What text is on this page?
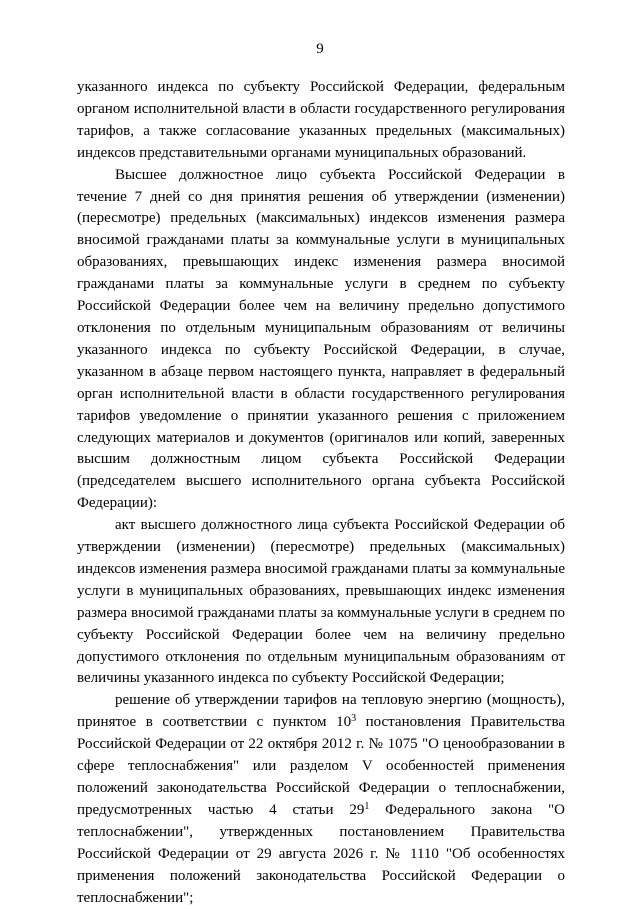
9

указанного индекса по субъекту Российской Федерации, федеральным органом исполнительной власти в области государственного регулирования тарифов, а также согласование указанных предельных (максимальных) индексов представительными органами муниципальных образований.

Высшее должностное лицо субъекта Российской Федерации в течение 7 дней со дня принятия решения об утверждении (изменении) (пересмотре) предельных (максимальных) индексов изменения размера вносимой гражданами платы за коммунальные услуги в муниципальных образованиях, превышающих индекс изменения размера вносимой гражданами платы за коммунальные услуги в среднем по субъекту Российской Федерации более чем на величину предельно допустимого отклонения по отдельным муниципальным образованиям от величины указанного индекса по субъекту Российской Федерации, в случае, указанном в абзаце первом настоящего пункта, направляет в федеральный орган исполнительной власти в области государственного регулирования тарифов уведомление о принятии указанного решения с приложением следующих материалов и документов (оригиналов или копий, заверенных высшим должностным лицом субъекта Российской Федерации (председателем высшего исполнительного органа субъекта Российской Федерации):

акт высшего должностного лица субъекта Российской Федерации об утверждении (изменении) (пересмотре) предельных (максимальных) индексов изменения размера вносимой гражданами платы за коммунальные услуги в муниципальных образованиях, превышающих индекс изменения размера вносимой гражданами платы за коммунальные услуги в среднем по субъекту Российской Федерации более чем на величину предельно допустимого отклонения по отдельным муниципальным образованиям от величины указанного индекса по субъекту Российской Федерации;

решение об утверждении тарифов на тепловую энергию (мощность), принятое в соответствии с пунктом $10^3$ постановления Правительства Российской Федерации от 22 октября 2012 г. № 1075 "О ценообразовании в сфере теплоснабжения" или разделом V особенностей применения положений законодательства Российской Федерации о теплоснабжении, предусмотренных частью 4 статьи $29^1$ Федерального закона "О теплоснабжении", утвержденных постановлением Правительства Российской Федерации от 29 августа 2026 г. № 1110 "Об особенностях применения положений законодательства Российской Федерации о теплоснабжении";
